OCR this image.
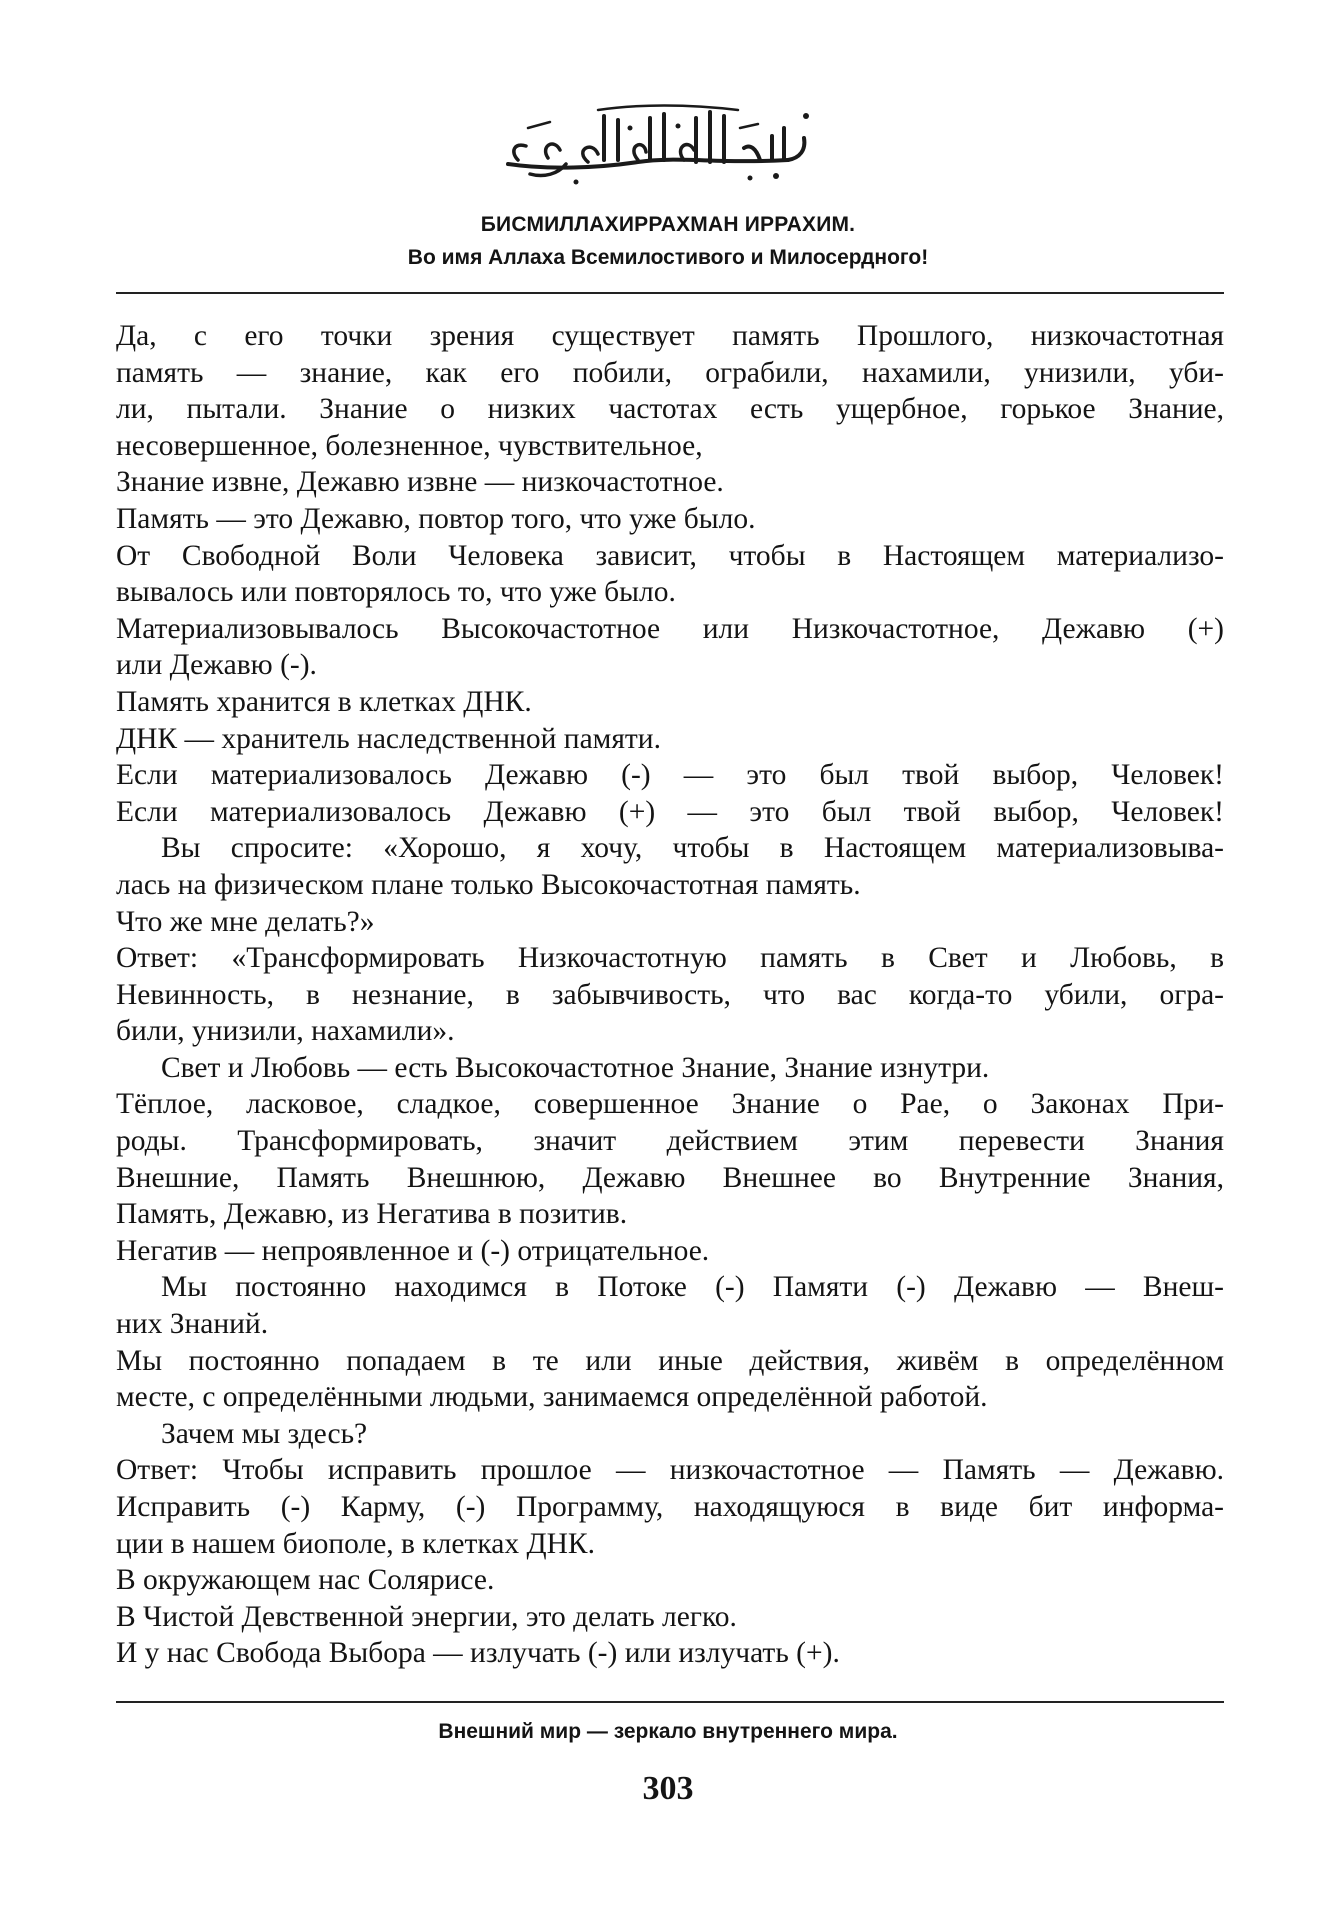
БИСМИЛЛАХИРРАХМАН ИРРАХИМ.
Во имя Аллаха Всемилостивого и Милосердного!
Да, с его точки зрения существует память Прошлого, низкочастотная
память — знание, как его побили, ограбили, нахамили, унизили, уби-
ли, пытали. Знание о низких частотах есть ущербное, горькое Знание,
несовершенное, болезненное, чувствительное,
Знание извне, Дежавю извне — низкочастотное.
Память — это Дежавю, повтор того, что уже было.
От Свободной Воли Человека зависит, чтобы в Настоящем материализо-
вывалось или повторялось то, что уже было.
Материализовывалось Высокочастотное или Низкочастотное, Дежавю (+)
или Дежавю (-).
Память хранится в клетках ДНК.
ДНК — хранитель наследственной памяти.
Если материализовалось Дежавю (-) — это был твой выбор, Человек!
Если материализовалось Дежавю (+) — это был твой выбор, Человек!
Вы спросите: «Хорошо, я хочу, чтобы в Настоящем материализовыва-
лась на физическом плане только Высокочастотная память.
Что же мне делать?»
Ответ: «Трансформировать Низкочастотную память в Свет и Любовь, в
Невинность, в незнание, в забывчивость, что вас когда-то убили, огра-
били, унизили, нахамили».
Свет и Любовь — есть Высокочастотное Знание, Знание изнутри.
Тёплое, ласковое, сладкое, совершенное Знание о Рае, о Законах При-
роды. Трансформировать, значит действием этим перевести Знания
Внешние, Память Внешнюю, Дежавю Внешнее во Внутренние Знания,
Память, Дежавю, из Негатива в позитив.
Негатив — непроявленное и (-) отрицательное.
Мы постоянно находимся в Потоке (-) Памяти (-) Дежавю — Внеш-
них Знаний.
Мы постоянно попадаем в те или иные действия, живём в определённом
месте, с определёнными людьми, занимаемся определённой работой.
Зачем мы здесь?
Ответ: Чтобы исправить прошлое — низкочастотное — Память — Дежавю.
Исправить (-) Карму, (-) Программу, находящуюся в виде бит информа-
ции в нашем биополе, в клетках ДНК.
В окружающем нас Солярисе.
В Чистой Девственной энергии, это делать легко.
И у нас Свобода Выбора — излучать (-) или излучать (+).
Внешний мир — зеркало внутреннего мира.
303
